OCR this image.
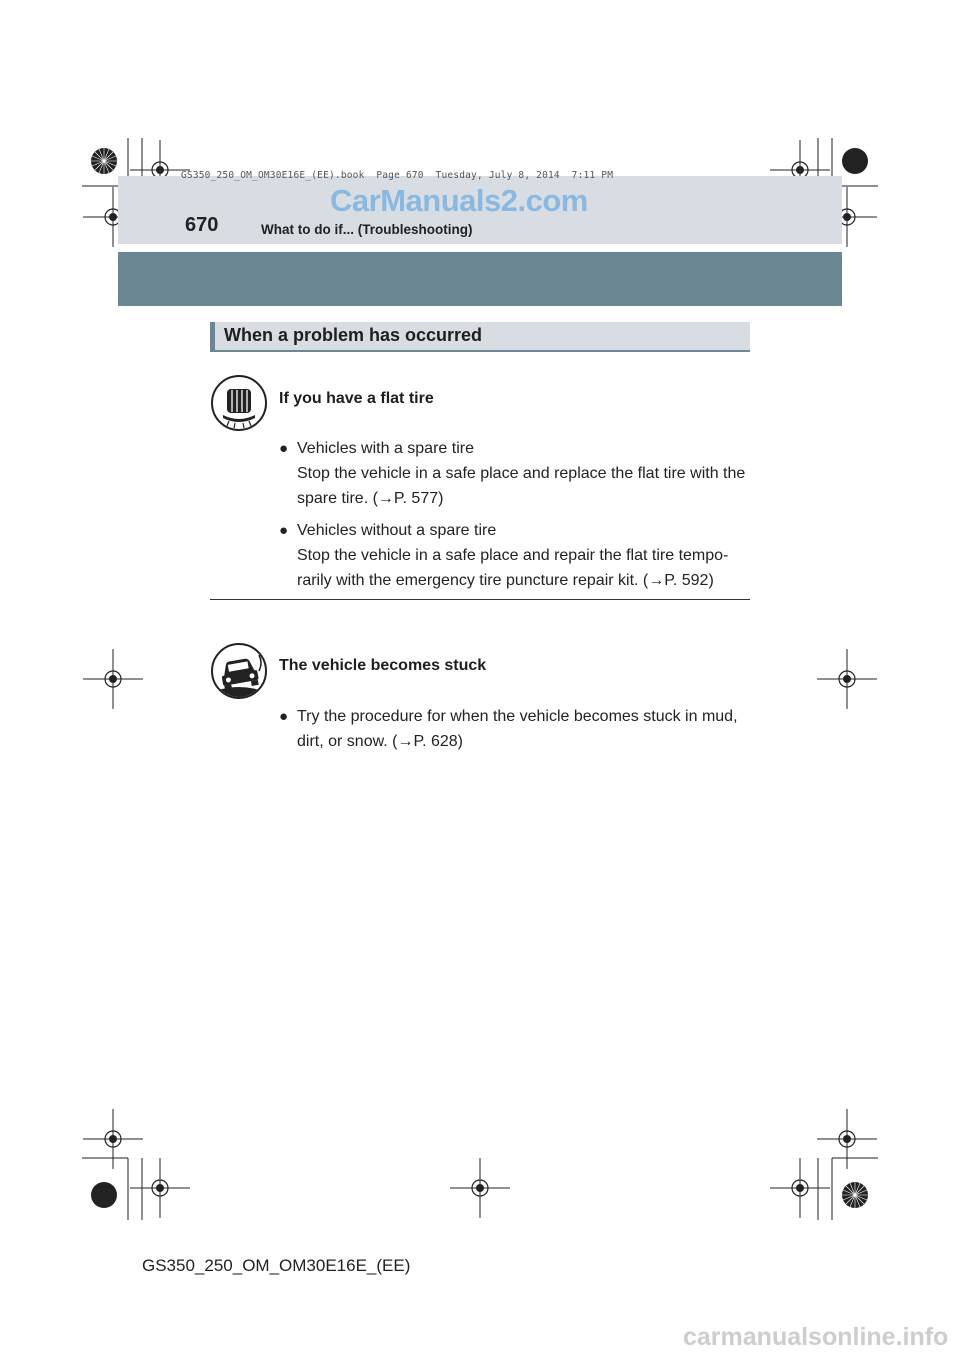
GS350_250_OM_OM30E16E_(EE).book  Page 670  Tuesday, July 8, 2014  7:11 PM
CarManuals2.com
670	What to do if... (Troubleshooting)
When a problem has occurred
If you have a flat tire
● Vehicles with a spare tire
Stop the vehicle in a safe place and replace the flat tire with the
spare tire. (→P. 577)
● Vehicles without a spare tire
Stop the vehicle in a safe place and repair the flat tire tempo-
rarily with the emergency tire puncture repair kit. (→P. 592)
The vehicle becomes stuck
● Try the procedure for when the vehicle becomes stuck in mud,
dirt, or snow. (→P. 628)
GS350_250_OM_OM30E16E_(EE)
carmanualsonline.info
